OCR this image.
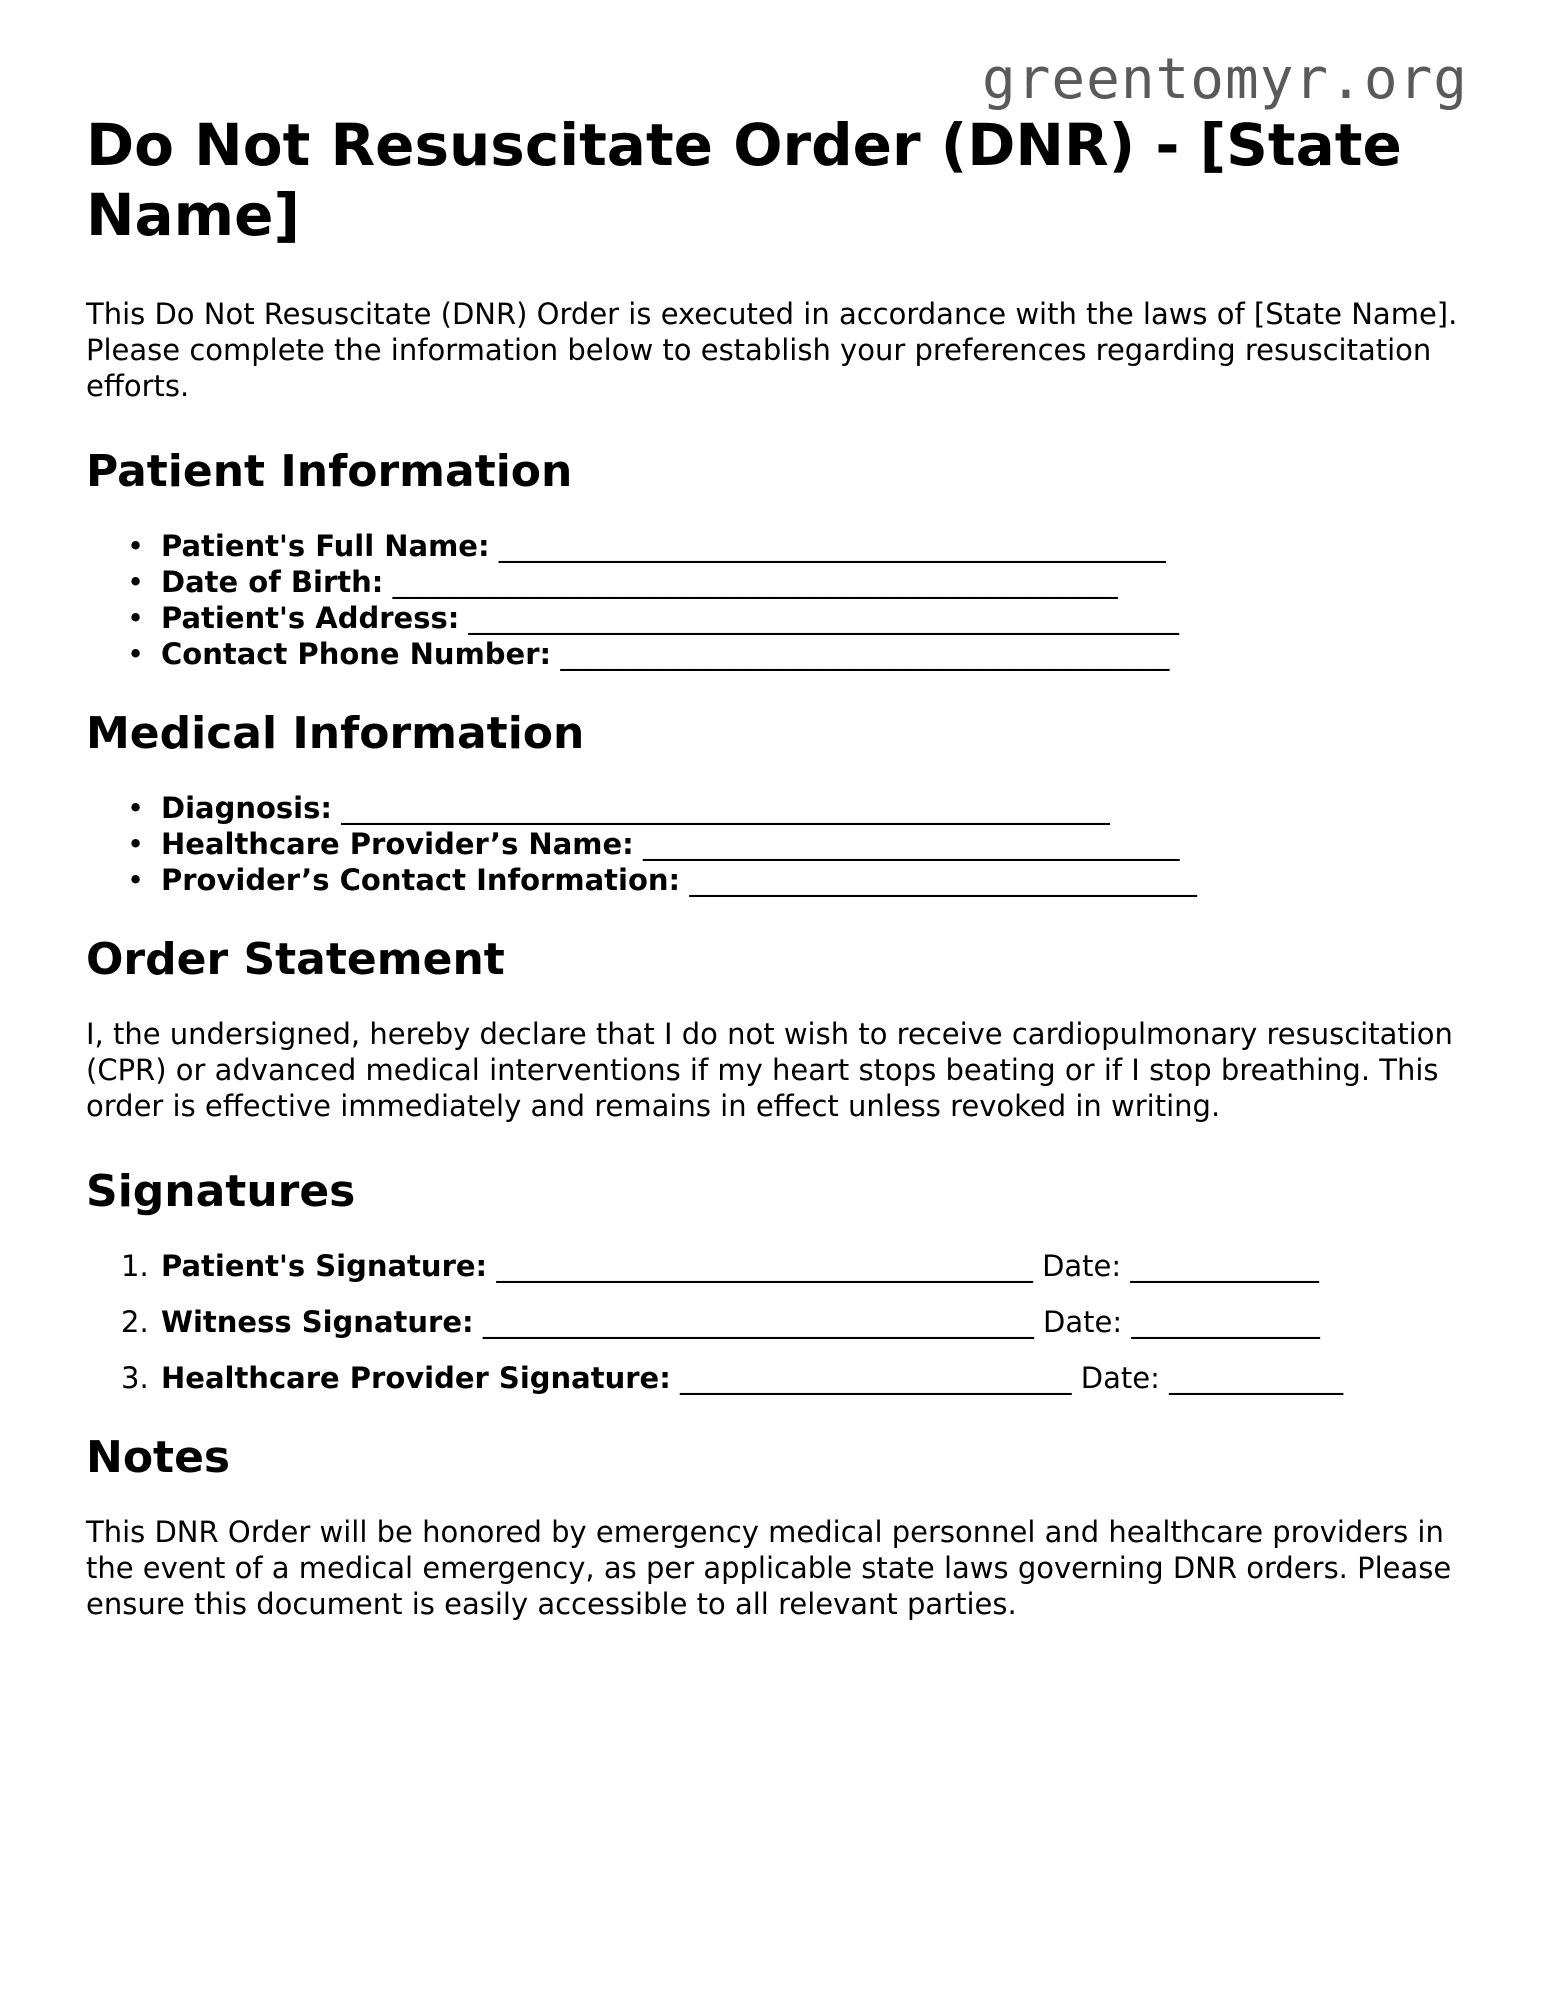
greentomyr.org
Do Not Resuscitate Order (DNR) - [State Name]

This Do Not Resuscitate (DNR) Order is executed in accordance with the laws of [State Name]. Please complete the information below to establish your preferences regarding resuscitation efforts.

Patient Information
• Patient's Full Name: ______________________________________________
• Date of Birth: __________________________________________________
• Patient's Address: _________________________________________________
• Contact Phone Number: __________________________________________
Medical Information
• Diagnosis: _____________________________________________________
• Healthcare Provider’s Name: _____________________________________
• Provider’s Contact Information: ___________________________________
Order Statement

I, the undersigned, hereby declare that I do not wish to receive cardiopulmonary resuscitation (CPR) or advanced medical interventions if my heart stops beating or if I stop breathing. This order is effective immediately and remains in effect unless revoked in writing.

Signatures
1. Patient's Signature: _____________________________________ Date: _____________
2. Witness Signature: ______________________________________ Date: _____________
3. Healthcare Provider Signature: ___________________________ Date: ____________
Notes

This DNR Order will be honored by emergency medical personnel and healthcare providers in the event of a medical emergency, as per applicable state laws governing DNR orders. Please ensure this document is easily accessible to all relevant parties.
